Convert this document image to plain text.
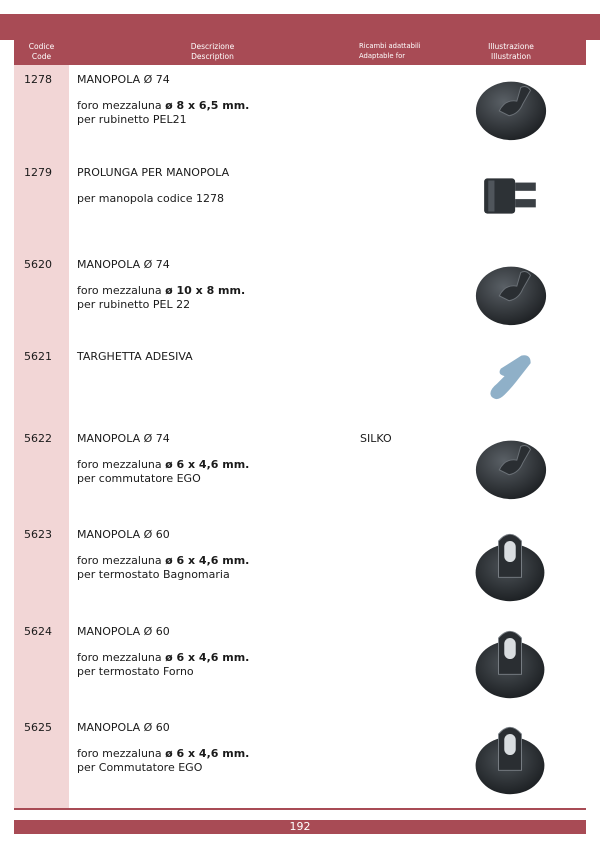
Codice
Code
Descrizione
Description
Ricambi adattabili
Adaptable for
Illustrazione
Illustration
1278 MANOPOLA Ø 74
foro mezzaluna ø 8 x 6,5 mm.
per rubinetto PEL21
1279 PROLUNGA PER MANOPOLA
per manopola codice 1278
5620 MANOPOLA Ø 74
foro mezzaluna ø 10 x 8 mm.
per rubinetto PEL 22
5621 TARGHETTA ADESIVA
5622 MANOPOLA Ø 74
foro mezzaluna ø 6 x 4,6 mm.
per commutatore EGO
SILKO
5623 MANOPOLA Ø 60
foro mezzaluna ø 6 x 4,6 mm.
per termostato Bagnomaria
5624 MANOPOLA Ø 60
foro mezzaluna ø 6 x 4,6 mm.
per termostato Forno
5625 MANOPOLA Ø 60
foro mezzaluna ø 6 x 4,6 mm.
per Commutatore EGO
192
